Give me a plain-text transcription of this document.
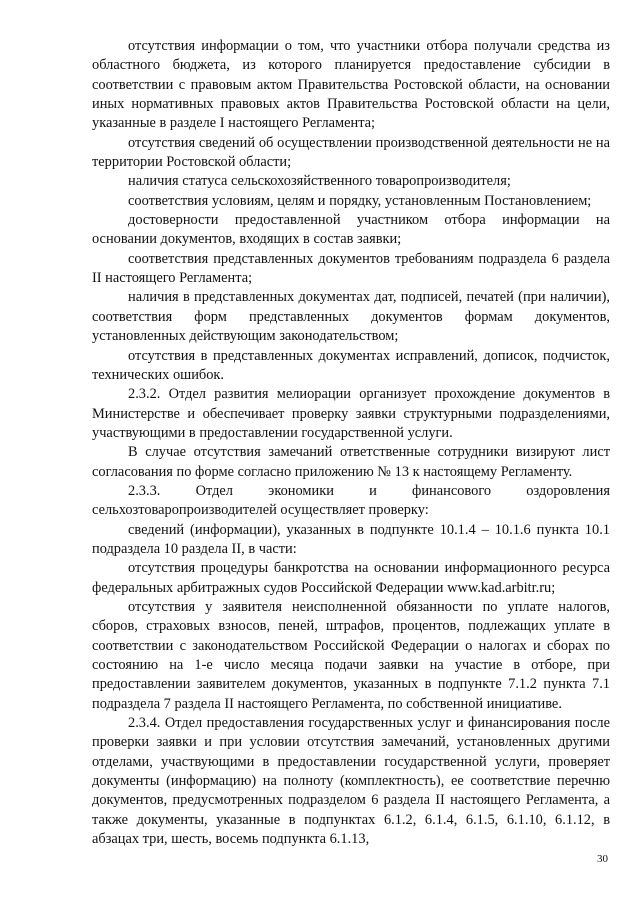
отсутствия информации о том, что участники отбора получали средства из областного бюджета, из которого планируется предоставление субсидии в соответствии с правовым актом Правительства Ростовской области, на основании иных нормативных правовых актов Правительства Ростовской области на цели, указанные в разделе I настоящего Регламента;

отсутствия сведений об осуществлении производственной деятельности не на территории Ростовской области;

наличия статуса сельскохозяйственного товаропроизводителя;

соответствия условиям, целям и порядку, установленным Постановлением;

достоверности предоставленной участником отбора информации на основании документов, входящих в состав заявки;

соответствия представленных документов требованиям подраздела 6 раздела II настоящего Регламента;

наличия в представленных документах дат, подписей, печатей (при наличии), соответствия форм представленных документов формам документов, установленных действующим законодательством;

отсутствия в представленных документах исправлений, дописок, подчисток, технических ошибок.

2.3.2. Отдел развития мелиорации организует прохождение документов в Министерстве и обеспечивает проверку заявки структурными подразделениями, участвующими в предоставлении государственной услуги.

В случае отсутствия замечаний ответственные сотрудники визируют лист согласования по форме согласно приложению № 13 к настоящему Регламенту.

2.3.3. Отдел экономики и финансового оздоровления сельхозтоваропроизводителей осуществляет проверку:

сведений (информации), указанных в подпункте 10.1.4 – 10.1.6 пункта 10.1 подраздела 10 раздела II, в части:

отсутствия процедуры банкротства на основании информационного ресурса федеральных арбитражных судов Российской Федерации www.kad.arbitr.ru;

отсутствия у заявителя неисполненной обязанности по уплате налогов, сборов, страховых взносов, пеней, штрафов, процентов, подлежащих уплате в соответствии с законодательством Российской Федерации о налогах и сборах по состоянию на 1-е число месяца подачи заявки на участие в отборе, при предоставлении заявителем документов, указанных в подпункте 7.1.2 пункта 7.1 подраздела 7 раздела II настоящего Регламента, по собственной инициативе.

2.3.4. Отдел предоставления государственных услуг и финансирования после проверки заявки и при условии отсутствия замечаний, установленных другими отделами, участвующими в предоставлении государственной услуги, проверяет документы (информацию) на полноту (комплектность), ее соответствие перечню документов, предусмотренных подразделом 6 раздела II настоящего Регламента, а также документы, указанные в подпунктах 6.1.2, 6.1.4, 6.1.5, 6.1.10, 6.1.12, в абзацах три, шесть, восемь подпункта 6.1.13,

30
